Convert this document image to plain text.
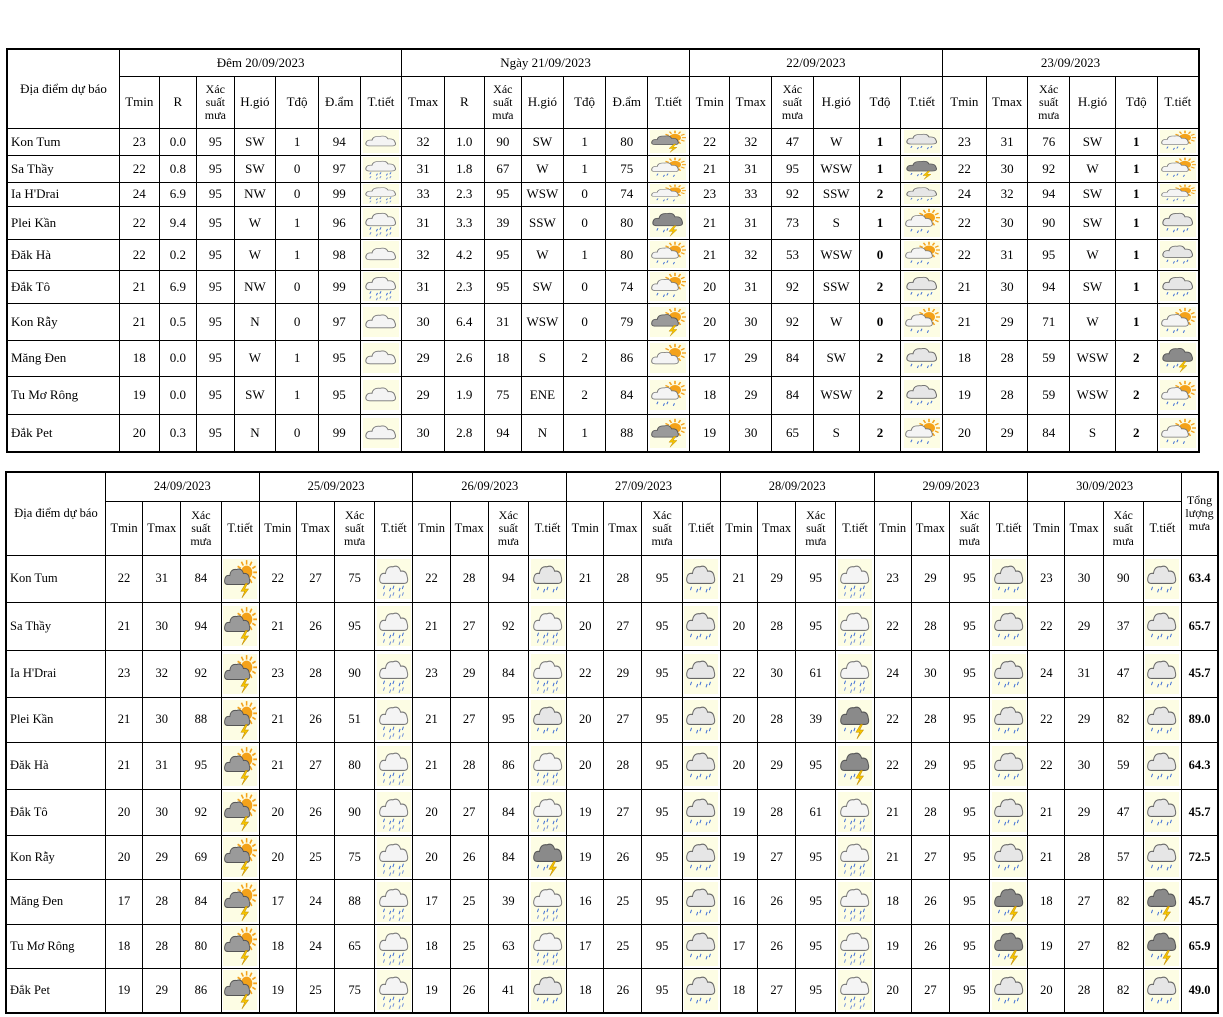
Địa điểm dự báo	Đêm 20/09/2023							Ngày 21/09/2023							22/09/2023						23/09/2023					
	Tmin	R	Xác
suất
mưa	H.gió	Tđộ	Đ.ẩm	T.tiết	Tmax	R	Xác
suất
mưa	H.gió	Tđộ	Đ.ẩm	T.tiết	Tmin	Tmax	Xác
suất
mưa	H.gió	Tđộ	T.tiết	Tmin	Tmax	Xác
suất
mưa	H.gió	Tđộ	T.tiết
Kon Tum	23	0.0	95	SW	1	94		32	1.0	90	SW	1	80		22	32	47	W	1		23	31	76	SW	1	

Sa Thầy	22	0.8	95	SW	0	97		31	1.8	67	W	1	75		21	31	95	WSW	1		22	30	92	W	1	

Ia H'Drai	24	6.9	95	NW	0	99		33	2.3	95	WSW	0	74		23	33	92	SSW	2		24	32	94	SW	1	

Plei Kần	22	9.4	95	W	1	96		31	3.3	39	SSW	0	80		21	31	73	S	1		22	30	90	SW	1	

Đăk Hà	22	0.2	95	W	1	98		32	4.2	95	W	1	80		21	32	53	WSW	0		22	31	95	W	1	

Đắk Tô	21	6.9	95	NW	0	99		31	2.3	95	SW	0	74		20	31	92	SSW	2		21	30	94	SW	1	

Kon Rẫy	21	0.5	95	N	0	97		30	6.4	31	WSW	0	79		20	30	92	W	0		21	29	71	W	1	

Măng Đen	18	0.0	95	W	1	95		29	2.6	18	S	2	86		17	29	84	SW	2		18	28	59	WSW	2	

Tu Mơ Rông	19	0.0	95	SW	1	95		29	1.9	75	ENE	2	84		18	29	84	WSW	2		19	28	59	WSW	2	

Đắk Pet	20	0.3	95	N	0	99		30	2.8	94	N	1	88		19	30	65	S	2		20	29	84	S	2	
Địa điểm dự báo	24/09/2023				25/09/2023				26/09/2023				27/09/2023				28/09/2023				29/09/2023				30/09/2023				Tổng
lượng
mưa
	Tmin	Tmax	Xác
suất
mưa	T.tiết	Tmin	Tmax	Xác
suất
mưa	T.tiết	Tmin	Tmax	Xác
suất
mưa	T.tiết	Tmin	Tmax	Xác
suất
mưa	T.tiết	Tmin	Tmax	Xác
suất
mưa	T.tiết	Tmin	Tmax	Xác
suất
mưa	T.tiết	Tmin	Tmax	Xác
suất
mưa	T.tiết	
Kon Tum	22	31	84		22	27	75		22	28	94		21	28	95		21	29	95		23	29	95		23	30	90		63.4
Sa Thầy	21	30	94		21	26	95		21	27	92		20	27	95		20	28	95		22	28	95		22	29	37		65.7
Ia H'Drai	23	32	92		23	28	90		23	29	84		22	29	95		22	30	61		24	30	95		24	31	47		45.7
Plei Kần	21	30	88		21	26	51		21	27	95		20	27	95		20	28	39		22	28	95		22	29	82		89.0
Đăk Hà	21	31	95		21	27	80		21	28	86		20	28	95		20	29	95		22	29	95		22	30	59		64.3
Đắk Tô	20	30	92		20	26	90		20	27	84		19	27	95		19	28	61		21	28	95		21	29	47		45.7
Kon Rẫy	20	29	69		20	25	75		20	26	84		19	26	95		19	27	95		21	27	95		21	28	57		72.5
Măng Đen	17	28	84		17	24	88		17	25	39		16	25	95		16	26	95		18	26	95		18	27	82		45.7
Tu Mơ Rông	18	28	80		18	24	65		18	25	63		17	25	95		17	26	95		19	26	95		19	27	82		65.9
Đắk Pet	19	29	86		19	25	75		19	26	41		18	26	95		18	27	95		20	27	95		20	28	82		49.0
